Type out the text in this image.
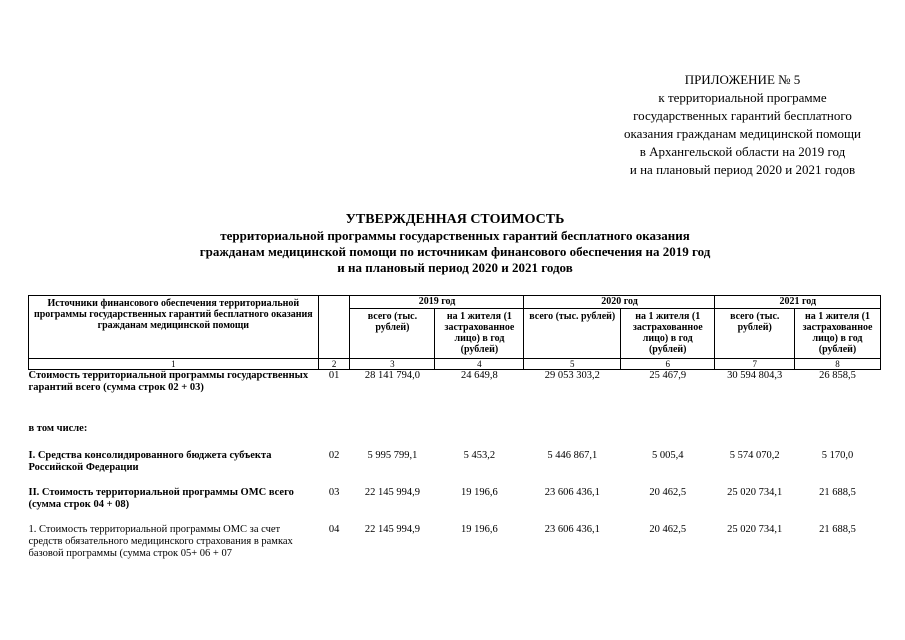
ПРИЛОЖЕНИЕ № 5
к территориальной программе
государственных гарантий бесплатного
оказания гражданам медицинской помощи
в Архангельской области на 2019 год
и на плановый период 2020 и 2021 годов
УТВЕРЖДЕННАЯ СТОИМОСТЬ
территориальной программы государственных гарантий бесплатного оказания
гражданам медицинской помощи по источникам финансового обеспечения на 2019 год
и на плановый период 2020 и 2021 годов
Источники финансового обеспечения территориальной программы государственных гарантий бесплатного оказания гражданам медицинской помощи		2019 год		2020 год		2021 год	
		всего (тыс. рублей)	на 1 жителя (1 застрахованное лицо) в год (рублей)	всего (тыс. рублей)	на 1 жителя (1 застрахованное лицо) в год (рублей)	всего (тыс. рублей)	на 1 жителя (1 застрахованное лицо) в год (рублей)
1	2	3	4	5	6	7	8
Стоимость территориальной программы государственных гарантий всего (сумма строк 02 + 03)	01	28 141 794,0	24 649,8	29 053 303,2	25 467,9	30 594 804,3	26 858,5
в том числе:							
I. Средства консолидированного бюджета субъекта Российской Федерации	02	5 995 799,1	5 453,2	5 446 867,1	5 005,4	5 574 070,2	5 170,0
II. Стоимость территориальной программы ОМС всего (сумма строк 04 + 08)	03	22 145 994,9	19 196,6	23 606 436,1	20 462,5	25 020 734,1	21 688,5
1. Стоимость территориальной программы ОМС за счет средств обязательного медицинского страхования в рамках базовой программы (сумма строк 05+ 06 + 07	04	22 145 994,9	19 196,6	23 606 436,1	20 462,5	25 020 734,1	21 688,5
